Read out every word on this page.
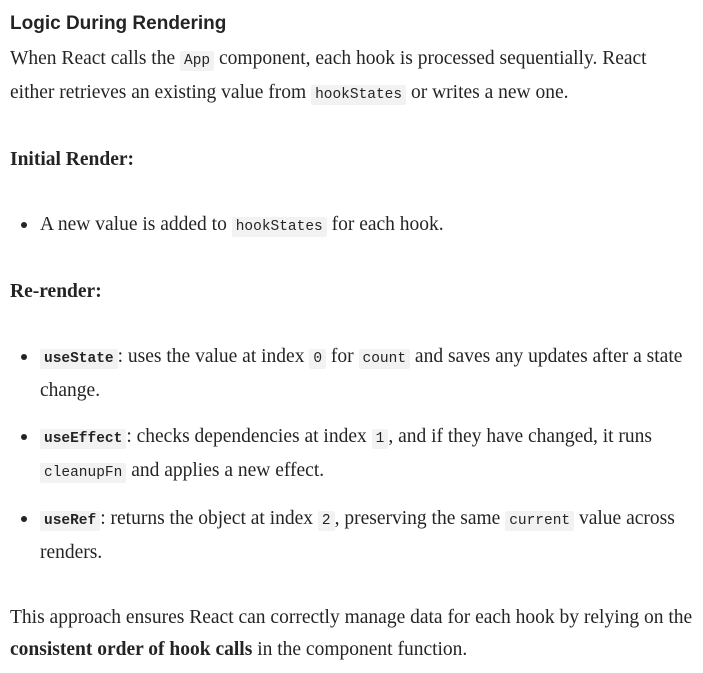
Logic During Rendering

When React calls the App component, each hook is processed sequentially. React either retrieves an existing value from hookStates or writes a new one.

Initial Render:

A new value is added to hookStates for each hook.

Re-render:

useState : uses the value at index 0 for count and saves any updates after a state change.
useEffect : checks dependencies at index 1 , and if they have changed, it runs cleanupFn and applies a new effect.
useRef : returns the object at index 2 , preserving the same current value across renders.

This approach ensures React can correctly manage data for each hook by relying on the consistent order of hook calls in the component function.
